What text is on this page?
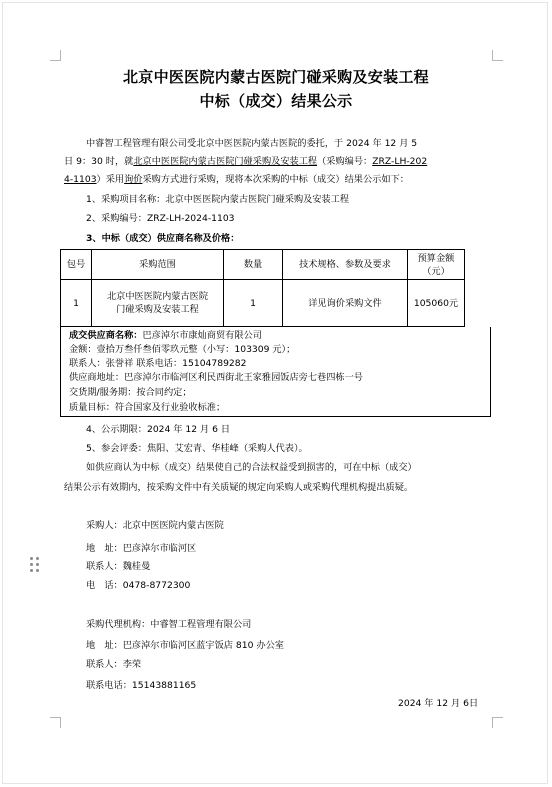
北京中医医院内蒙古医院门碰采购及安装工程
中标（成交）结果公示
中睿智工程管理有限公司受北京中医医院内蒙古医院的委托，于 2024 年 12 月 5
日 9：30 时，就北京中医医院内蒙古医院门碰采购及安装工程（采购编号：ZRZ-LH-202
4-1103）采用询价采购方式进行采购，现将本次采购的中标（成交）结果公示如下：
1、采购项目名称：北京中医医院内蒙古医院门碰采购及安装工程
2、采购编号：ZRZ-LH-2024-1103
3、中标（成交）供应商名称及价格：
包号	采购范围	数量	技术规格、参数及要求	预算金额
（元）

1	北京中医医院内蒙古医院
门碰采购及安装工程	1	详见询价采购文件	105060元
成交供应商名称：巴彦淖尔市康灿商贸有限公司
金额：壹拾万叁仟叁佰零玖元整（小写：103309 元）；
联系人：张誉祥 联系电话：15104789282
供应商地址：巴彦淖尔市临河区利民西街北王家雅园饭店旁七巷四栋一号
交货期/服务期：按合同约定；
质量目标：符合国家及行业验收标准；
4、公示期限：2024 年 12 月 6 日
5、参会评委：焦阳、艾宏青、华桂峰（采购人代表）。
如供应商认为中标（成交）结果使自己的合法权益受到损害的，可在中标（成交）
结果公示有效期内，按采购文件中有关质疑的规定向采购人或采购代理机构提出质疑。
采购人：北京中医医院内蒙古医院
地　址：巴彦淖尔市临河区
联系人：魏桂曼
电　话：0478-8772300
采购代理机构：中睿智工程管理有限公司
地　址：巴彦淖尔市临河区蓝宇饭店 810 办公室
联系人：李荣
联系电话：15143881165
2024 年 12 月 6日
